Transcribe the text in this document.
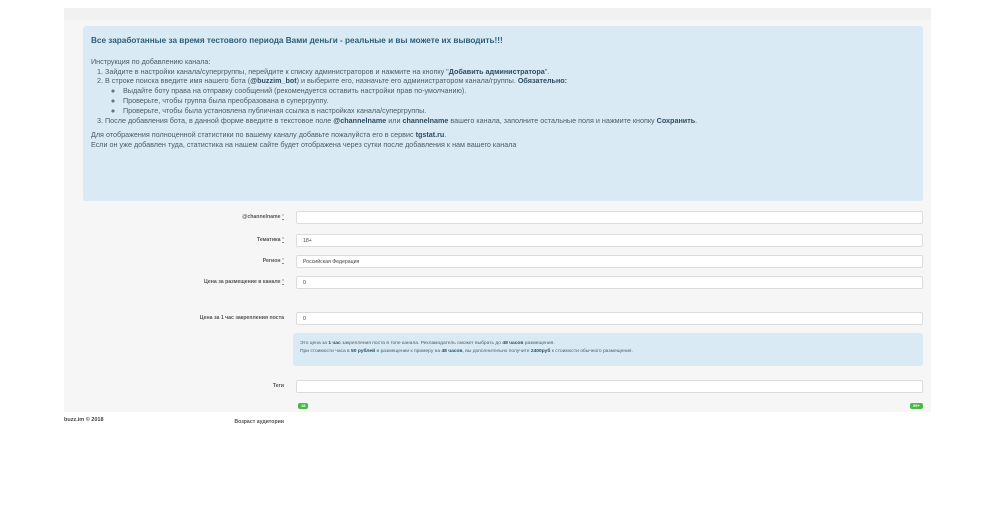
Все заработанные за время тестового периода Вами деньги - реальные и вы можете их выводить!!!

Инструкция по добавлению канала:

1. Зайдите в настройки канала/супергруппы, перейдите к списку администраторов и нажмите на кнопку "Добавить администратора".
2. В строке поиска введите имя нашего бота (@buzzim_bot) и выберите его, назначьте его администратором канала/группы. Обязательно:
◦ Выдайте боту права на отправку сообщений (рекомендуется оставить настройки прав по-умолчанию).
◦ Проверьте, чтобы группа была преобразована в супергруппу.
◦ Проверьте, чтобы была установлена публичная ссылка в настройках канала/супергруппы.
3. После добавления бота, в данной форме введите в текстовое поле @channelname или channelname вашего канала, заполните остальные поля и нажмите кнопку Сохранить.

Для отображения полноценной статистики по вашему каналу добавьте пожалуйста его в сервис tgstat.ru.

Если он уже добавлен туда, статистика на нашем сайте будет отображена через сутки после добавления к нам вашего канала

@channelname *
Тематика *	18+
Регион *	Российская Федерация
Цена за размещение в канале *	0
Цена за 1 час закрепления поста	0
Это цена за 1 час закрепления поста в топе канала. Рекламодатель сможет выбрать до 48 часов размещения.
При стоимости часа в 50 рублей и размещении к примеру на 48 часов, вы дополнительно получите 2400руб к стоимости обычного размещения.
Теги
Возраст аудитории
18	99+
buzz.im © 2018
